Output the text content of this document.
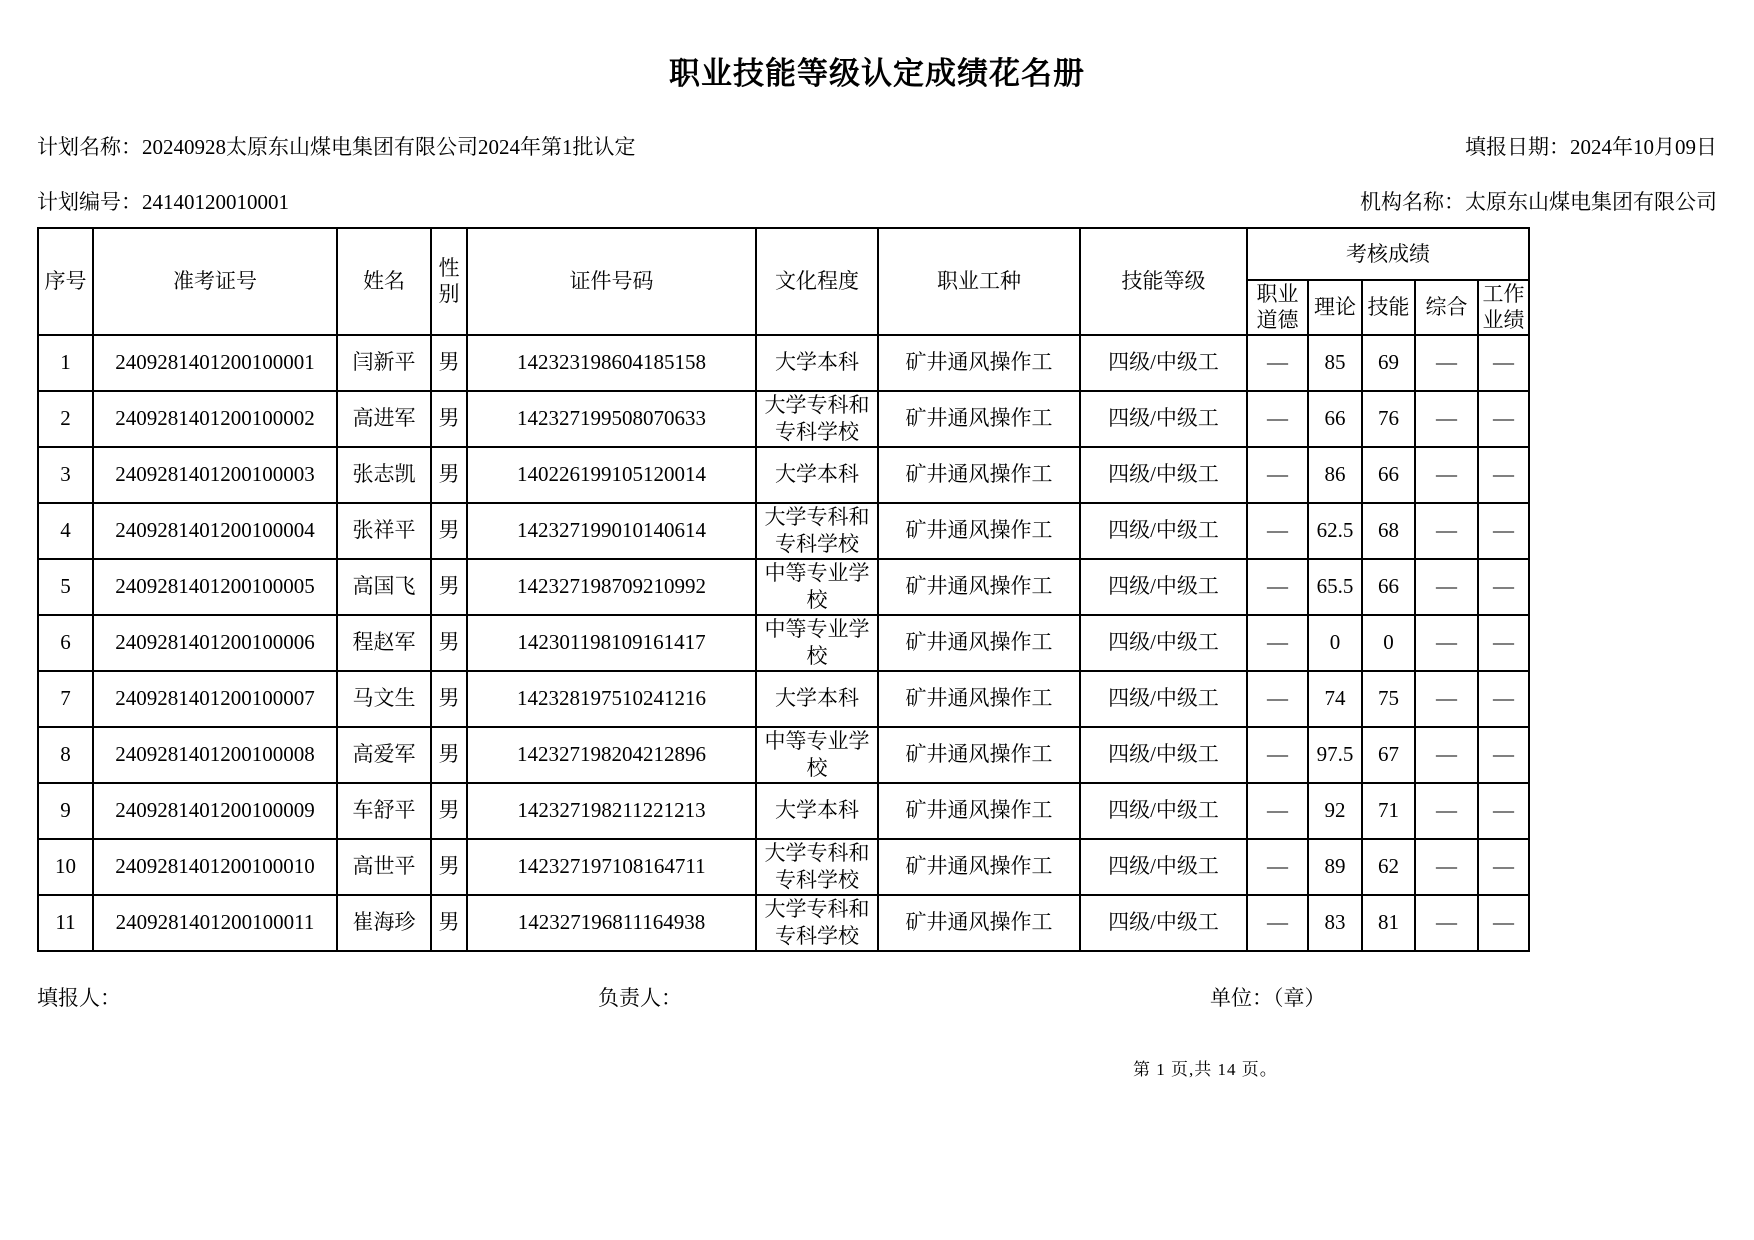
职业技能等级认定成绩花名册
计划名称：20240928太原东山煤电集团有限公司2024年第1批认定	填报日期：2024年10月09日
计划编号：24140120010001	机构名称：太原东山煤电集团有限公司
序号	准考证号	姓名	性别	证件号码	文化程度	职业工种	技能等级	考核成绩				
								职业道德	理论	技能	综合	工作业绩
1	2409281401200100001	闫新平	男	142323198604185158	大学本科	矿井通风操作工	四级/中级工	—	85	69	—	—
2	2409281401200100002	高进军	男	142327199508070633	大学专科和专科学校	矿井通风操作工	四级/中级工	—	66	76	—	—
3	2409281401200100003	张志凯	男	140226199105120014	大学本科	矿井通风操作工	四级/中级工	—	86	66	—	—
4	2409281401200100004	张祥平	男	142327199010140614	大学专科和专科学校	矿井通风操作工	四级/中级工	—	62.5	68	—	—
5	2409281401200100005	高国飞	男	142327198709210992	中等专业学校	矿井通风操作工	四级/中级工	—	65.5	66	—	—
6	2409281401200100006	程赵军	男	142301198109161417	中等专业学校	矿井通风操作工	四级/中级工	—	0	0	—	—
7	2409281401200100007	马文生	男	142328197510241216	大学本科	矿井通风操作工	四级/中级工	—	74	75	—	—
8	2409281401200100008	高爱军	男	142327198204212896	中等专业学校	矿井通风操作工	四级/中级工	—	97.5	67	—	—
9	2409281401200100009	车舒平	男	142327198211221213	大学本科	矿井通风操作工	四级/中级工	—	92	71	—	—
10	2409281401200100010	高世平	男	142327197108164711	大学专科和专科学校	矿井通风操作工	四级/中级工	—	89	62	—	—
11	2409281401200100011	崔海珍	男	142327196811164938	大学专科和专科学校	矿井通风操作工	四级/中级工	—	83	81	—	—
填报人：	负责人：	单位：（章）
第 1 页,共 14 页。
